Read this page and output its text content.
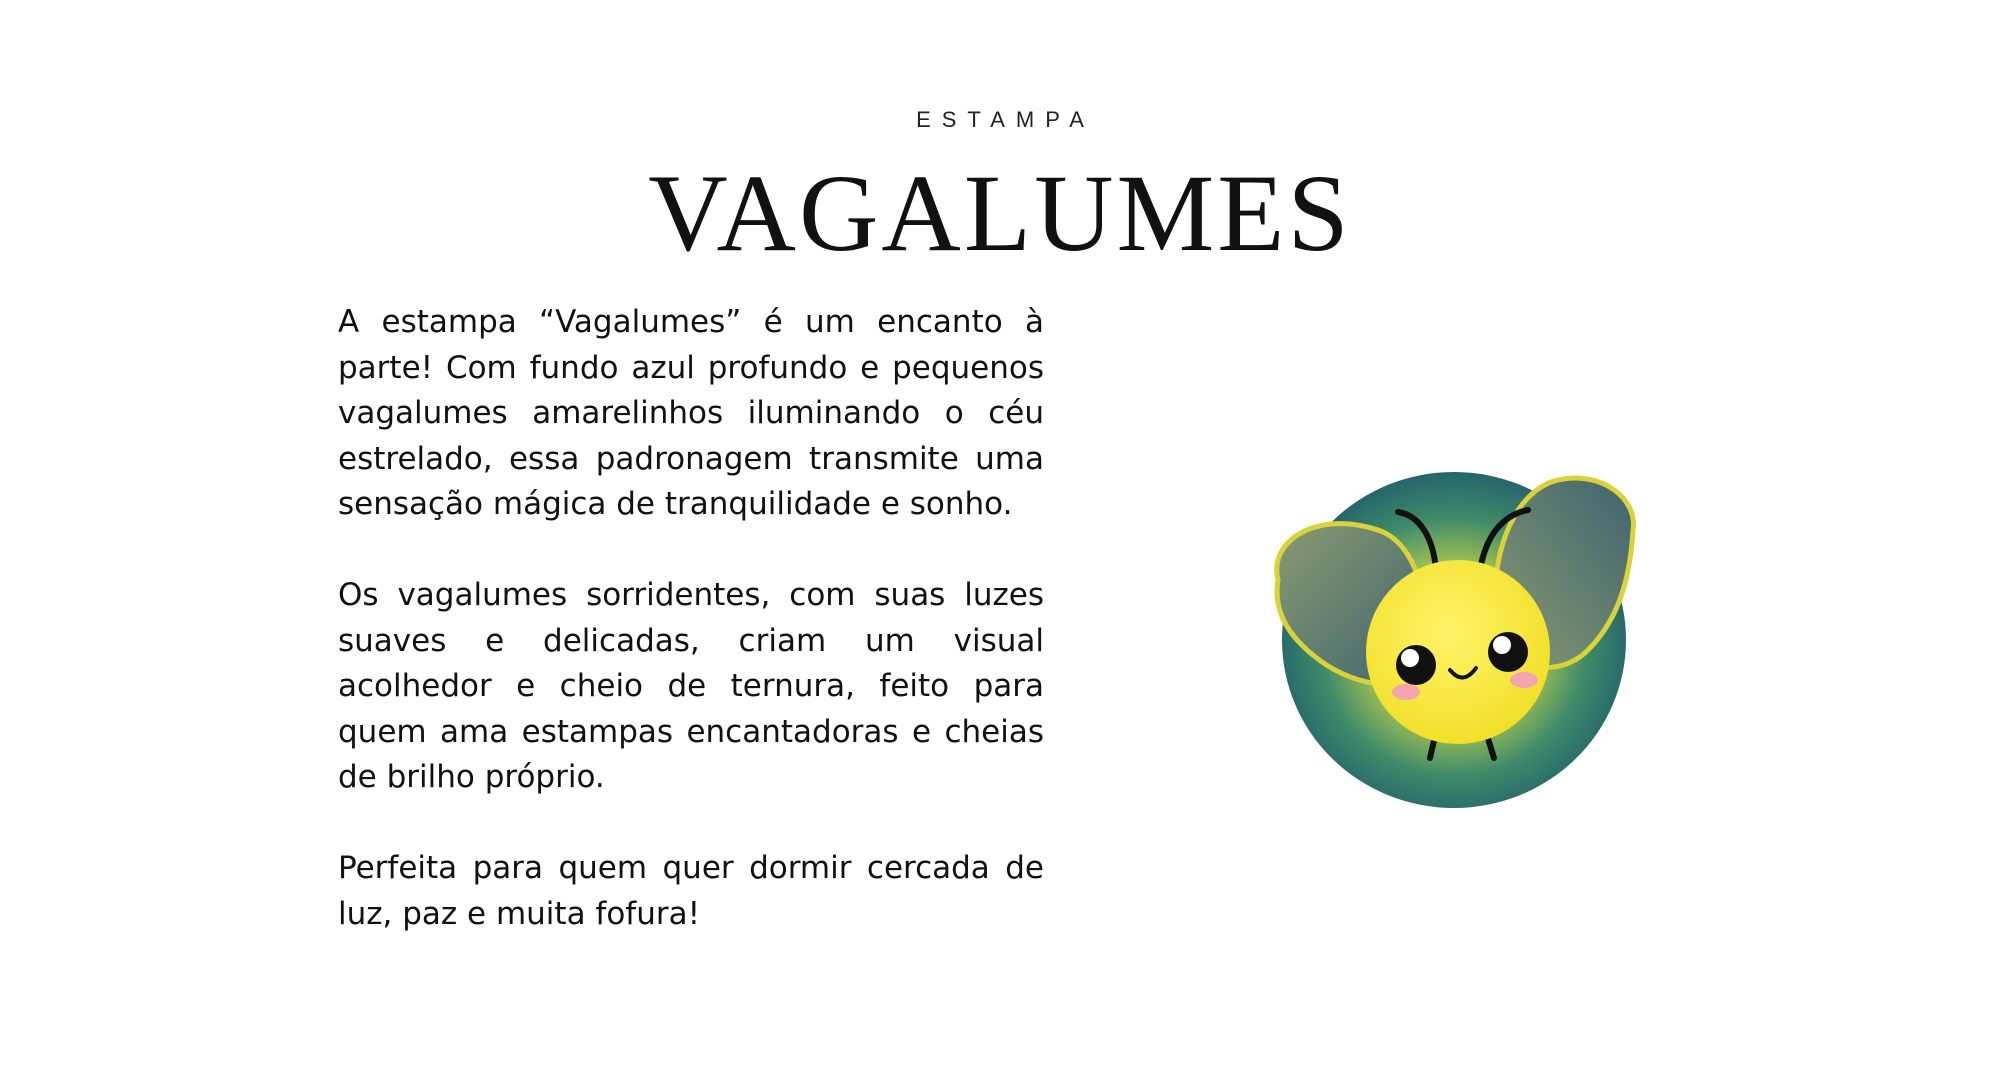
ESTAMPA
VAGALUMES

A estampa “Vagalumes” é um encanto à parte! Com fundo azul profundo e pequenos vagalumes amarelinhos iluminando o céu estrelado, essa padronagem transmite uma sensação mágica de tranquilidade e sonho.

Os vagalumes sorridentes, com suas luzes suaves e delicadas, criam um visual acolhedor e cheio de ternura, feito para quem ama estampas encantadoras e cheias de brilho próprio.

Perfeita para quem quer dormir cercada de luz, paz e muita fofura!
